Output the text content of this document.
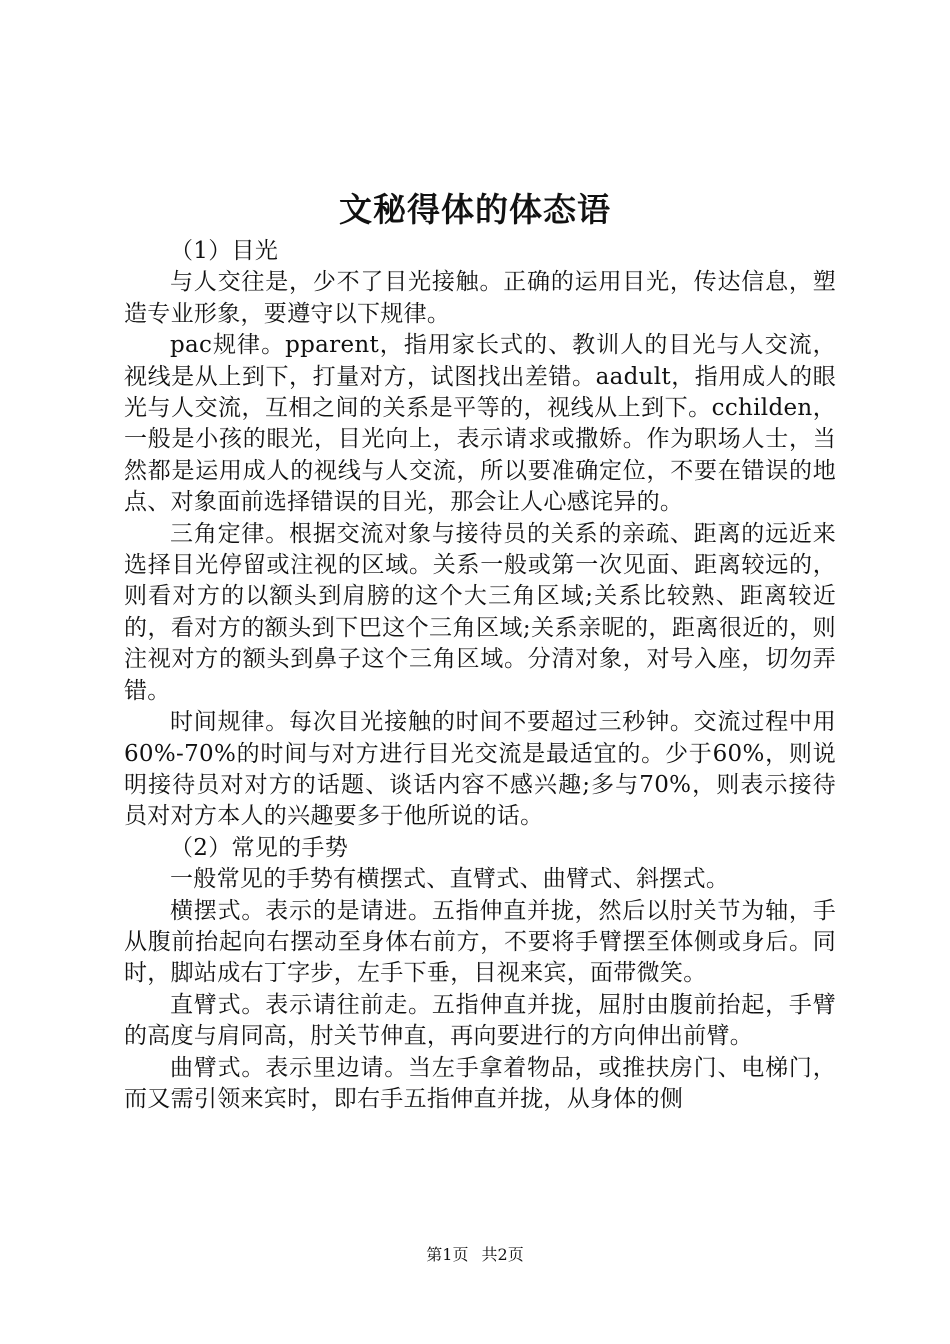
文秘得体的体态语

（1）目光

与人交往是，少不了目光接触。正确的运用目光，传达信息，塑造专业形象，要遵守以下规律。

pac规律。pparent，指用家长式的、教训人的目光与人交流，视线是从上到下，打量对方，试图找出差错。aadult，指用成人的眼光与人交流，互相之间的关系是平等的，视线从上到下。cchilden，一般是小孩的眼光，目光向上，表示请求或撒娇。作为职场人士，当然都是运用成人的视线与人交流，所以要准确定位，不要在错误的地点、对象面前选择错误的目光，那会让人心感诧异的。

三角定律。根据交流对象与接待员的关系的亲疏、距离的远近来选择目光停留或注视的区域。关系一般或第一次见面、距离较远的，则看对方的以额头到肩膀的这个大三角区域;关系比较熟、距离较近的，看对方的额头到下巴这个三角区域;关系亲昵的，距离很近的，则注视对方的额头到鼻子这个三角区域。分清对象，对号入座，切勿弄错。

时间规律。每次目光接触的时间不要超过三秒钟。交流过程中用60%-70%的时间与对方进行目光交流是最适宜的。少于60%，则说明接待员对对方的话题、谈话内容不感兴趣;多与70%，则表示接待员对对方本人的兴趣要多于他所说的话。

（2）常见的手势

一般常见的手势有横摆式、直臂式、曲臂式、斜摆式。

横摆式。表示的是请进。五指伸直并拢，然后以肘关节为轴，手从腹前抬起向右摆动至身体右前方，不要将手臂摆至体侧或身后。同时，脚站成右丁字步，左手下垂，目视来宾，面带微笑。

直臂式。表示请往前走。五指伸直并拢，屈肘由腹前抬起，手臂的高度与肩同高，肘关节伸直，再向要进行的方向伸出前臂。

曲臂式。表示里边请。当左手拿着物品，或推扶房门、电梯门，而又需引领来宾时，即右手五指伸直并拢，从身体的侧

第1页 共2页
